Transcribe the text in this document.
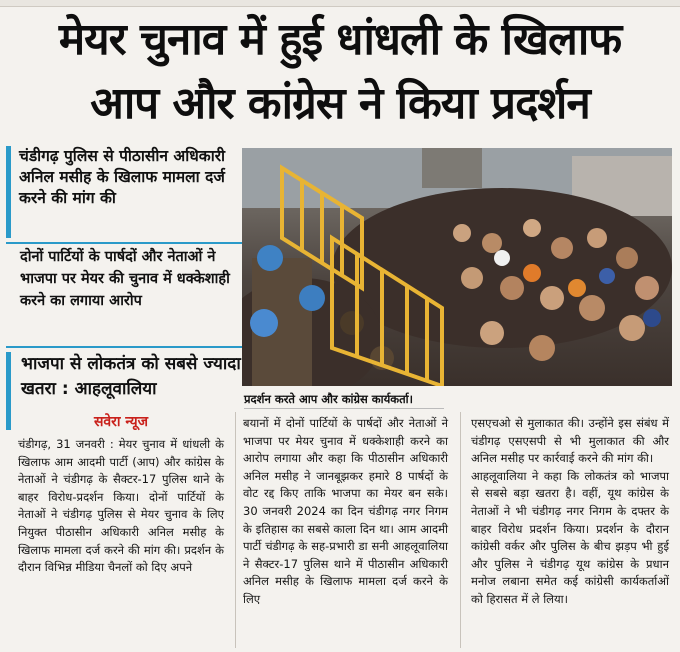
मेयर चुनाव में हुई धांधली के खिलाफ
आप और कांग्रेस ने किया प्रदर्शन
चंडीगढ़ पुलिस से पीठासीन अधिकारी अनिल मसीह के खिलाफ मामला दर्ज करने की मांग की
दोनों पार्टियों के पार्षदों और नेताओं ने भाजपा पर मेयर की चुनाव में धक्केशाही करने का लगाया आरोप
भाजपा से लोकतंत्र को सबसे ज्यादा खतरा : आहलूवालिया	प्रदर्शन करते आप और कांग्रेस कार्यकर्ता।
सवेरा न्यूज

चंडीगढ़, 31 जनवरी : मेयर चुनाव में धांधली के खिलाफ आम आदमी पार्टी (आप) और कांग्रेस के नेताओं ने चंडीगढ़ के सैक्टर-17 पुलिस थाने के बाहर विरोध-प्रदर्शन किया। दोनों पार्टियों के नेताओं ने चंडीगढ़ पुलिस से मेयर चुनाव के लिए नियुक्त पीठासीन अधिकारी अनिल मसीह के खिलाफ मामला दर्ज करने की मांग की। प्रदर्शन के दौरान विभिन्न मीडिया चैनलों को दिए अपने

बयानों में दोनों पार्टियों के पार्षदों और नेताओं ने भाजपा पर मेयर चुनाव में धक्केशाही करने का आरोप लगाया और कहा कि पीठासीन अधिकारी अनिल मसीह ने जानबूझकर हमारे 8 पार्षदों के वोट रद्द किए ताकि भाजपा का मेयर बन सके। 30 जनवरी 2024 का दिन चंडीगढ़ नगर निगम के इतिहास का सबसे काला दिन था। आम आदमी पार्टी चंडीगढ़ के सह-प्रभारी डा सनी आहलूवालिया ने सैक्टर-17 पुलिस थाने में पीठासीन अधिकारी अनिल मसीह के खिलाफ मामला दर्ज करने के लिए

एसएचओ से मुलाकात की। उन्होंने इस संबंध में चंडीगढ़ एसएसपी से भी मुलाकात की और अनिल मसीह पर कार्रवाई करने की मांग की।

आहलूवालिया ने कहा कि लोकतंत्र को भाजपा से सबसे बड़ा खतरा है। वहीं, यूथ कांग्रेस के नेताओं ने भी चंडीगढ़ नगर निगम के दफ्तर के बाहर विरोध प्रदर्शन किया। प्रदर्शन के दौरान कांग्रेसी वर्कर और पुलिस के बीच झड़प भी हुई और पुलिस ने चंडीगढ़ यूथ कांग्रेस के प्रधान मनोज लबाना समेत कई कांग्रेसी कार्यकर्ताओं को हिरासत में ले लिया।
